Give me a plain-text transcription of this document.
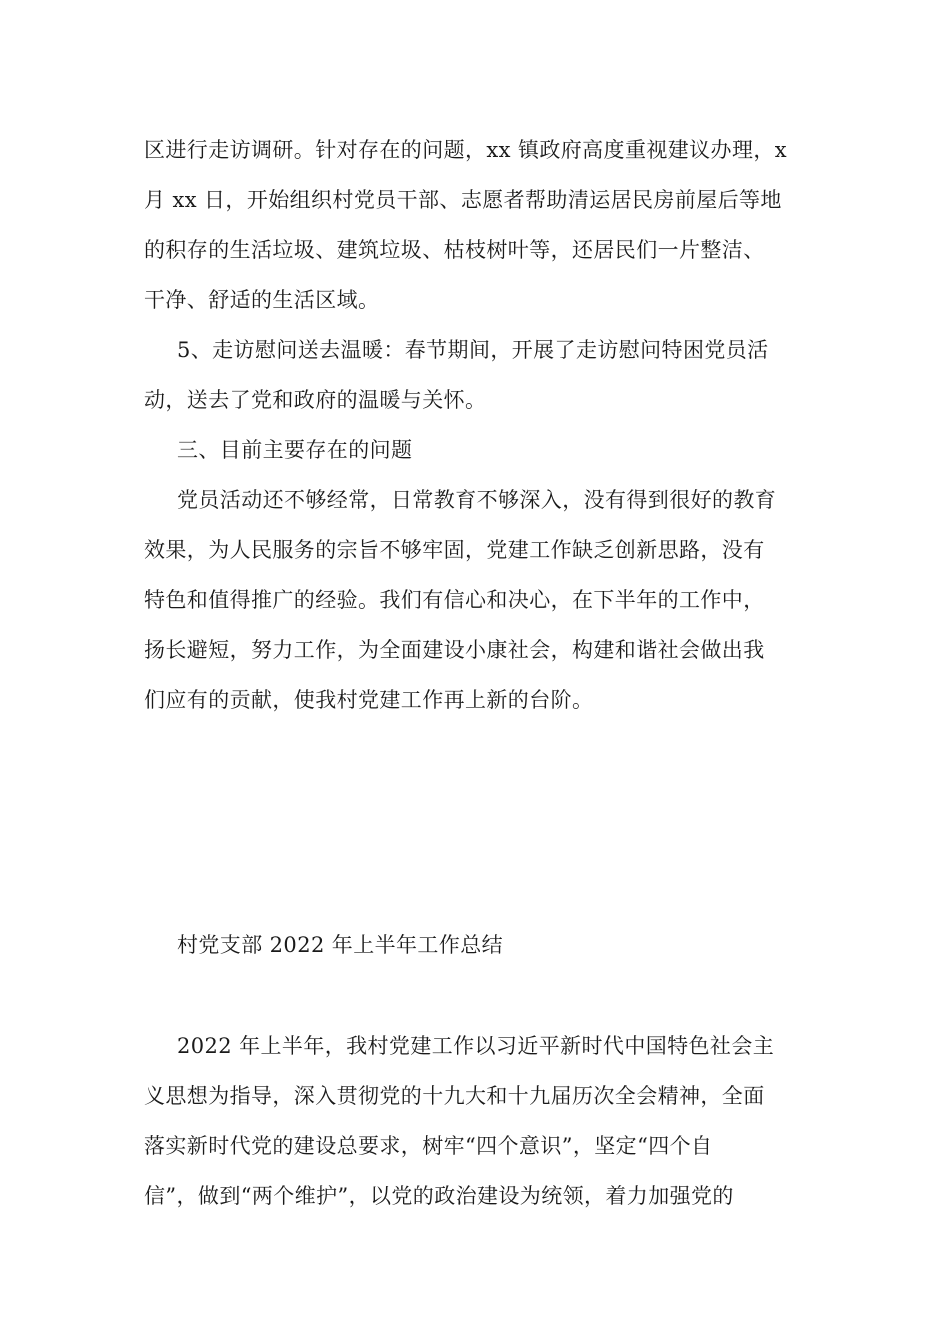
区进行走访调研。针对存在的问题，xx 镇政府高度重视建议办理，x
月 xx 日，开始组织村党员干部、志愿者帮助清运居民房前屋后等地
的积存的生活垃圾、建筑垃圾、枯枝树叶等，还居民们一片整洁、
干净、舒适的生活区域。
5、走访慰问送去温暖：春节期间，开展了走访慰问特困党员活
动，送去了党和政府的温暖与关怀。
三、目前主要存在的问题
党员活动还不够经常，日常教育不够深入，没有得到很好的教育
效果，为人民服务的宗旨不够牢固，党建工作缺乏创新思路，没有
特色和值得推广的经验。我们有信心和决心，在下半年的工作中，
扬长避短，努力工作，为全面建设小康社会，构建和谐社会做出我
们应有的贡献，使我村党建工作再上新的台阶。
村党支部 2022 年上半年工作总结
2022 年上半年，我村党建工作以习近平新时代中国特色社会主
义思想为指导，深入贯彻党的十九大和十九届历次全会精神，全面
落实新时代党的建设总要求，树牢“四个意识”，坚定“四个自
信”，做到“两个维护”，以党的政治建设为统领，着力加强党的
